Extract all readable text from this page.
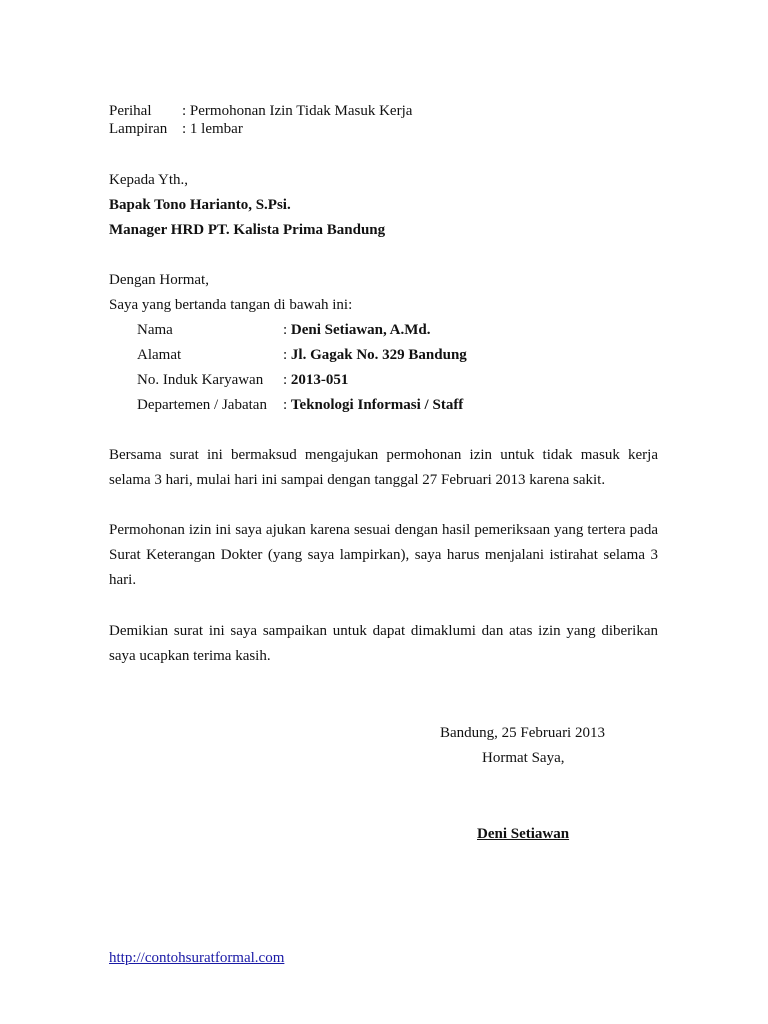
Perihal : Permohonan Izin Tidak Masuk Kerja
Lampiran : 1 lembar
Kepada Yth.,
Bapak Tono Harianto, S.Psi.
Manager HRD PT. Kalista Prima Bandung
Dengan Hormat,
Saya yang bertanda tangan di bawah ini:
Nama	: Deni Setiawan, A.Md.
Alamat	: Jl. Gagak No. 329 Bandung
No. Induk Karyawan : 2013-051
Departemen / Jabatan : Teknologi Informasi / Staff
Bersama surat ini bermaksud mengajukan permohonan izin untuk tidak masuk kerja selama 3 hari, mulai hari ini sampai dengan tanggal 27 Februari 2013 karena sakit.
Permohonan izin ini saya ajukan karena sesuai dengan hasil pemeriksaan yang tertera pada Surat Keterangan Dokter (yang saya lampirkan), saya harus menjalani istirahat selama 3 hari.
Demikian surat ini saya sampaikan untuk dapat dimaklumi dan atas izin yang diberikan saya ucapkan terima kasih.
Bandung, 25 Februari 2013
Hormat Saya,
Deni Setiawan
http://contohsuratformal.com
